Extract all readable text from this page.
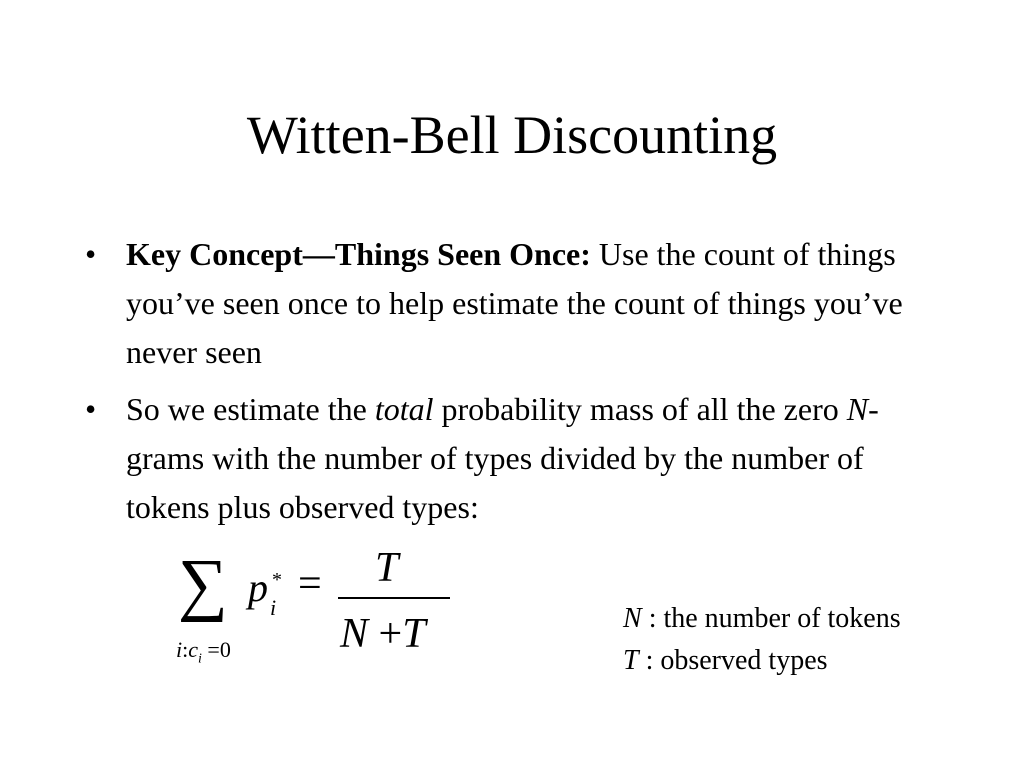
Witten-Bell Discounting
• Key Concept—Things Seen Once: Use the count of things you’ve seen once to help estimate the count of things you’ve never seen
• So we estimate the total probability mass of all the zero N-grams with the number of types divided by the number of tokens plus observed types:
∑ p *
i
= T
N +T
$i:c_i =0$
N : the number of tokens
T : observed types
